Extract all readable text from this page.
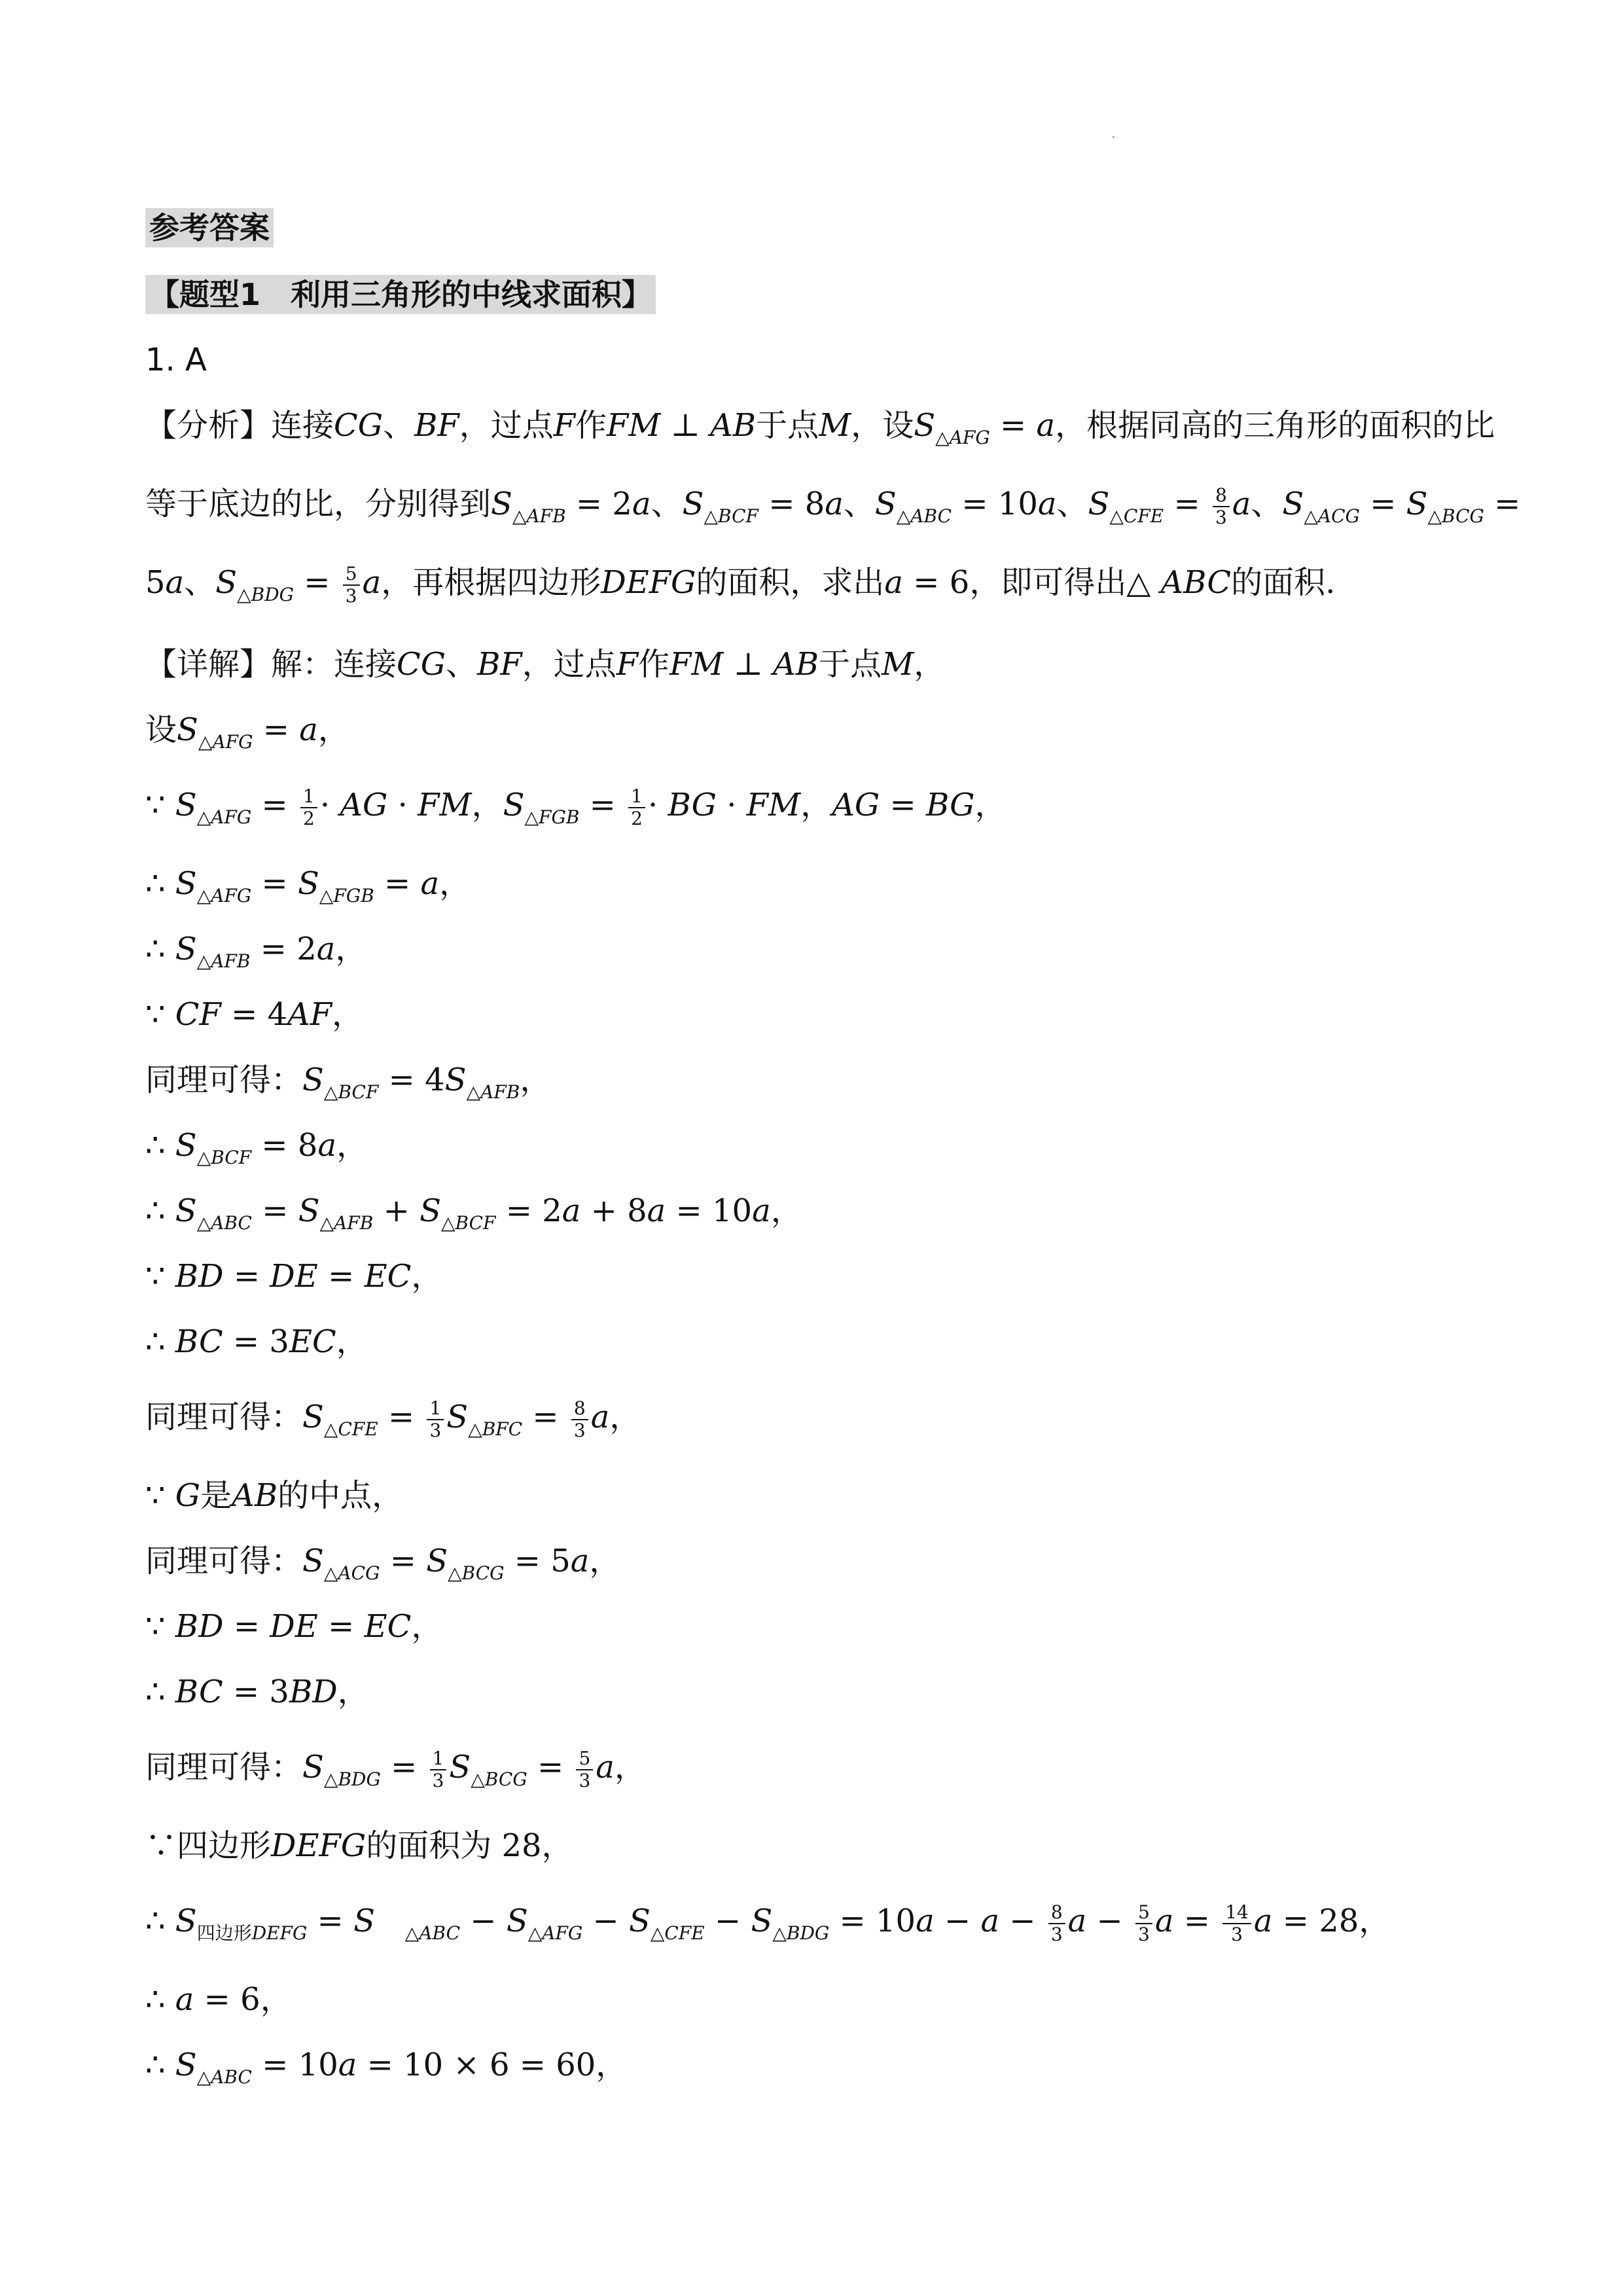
参考答案
【题型1　利用三角形的中线求面积】
1. A
【分析】连接CG、BF，过点F作FM ⊥ AB于点M，设$S_{\triangle AFG} = a$，根据同高的三角形的面积的比
等于底边的比，分别得到$S_{\triangle AFB} = 2a$、$S_{\triangle BCF} = 8a$、$S_{\triangle ABC} = 10a$、$S_{\triangle CFE} = \frac{8}{3}$ a、$S_{\triangle ACG} = S_{\triangle BCG}$ =
5a、$S_{\triangle BDG} = \frac{5}{3}$ a，再根据四边形DEFG的面积，求出a = 6，即可得出△ ABC的面积.
【详解】解：连接CG、BF，过点F作FM ⊥ AB于点M，
设$S_{\triangle AFG} = a$，
∵ $S_{\triangle AFG} = \frac{1}{2}$ · AG · FM，$S_{\triangle FGB} = \frac{1}{2}$ · BG · FM，AG = BG，
∴ $S_{\triangle AFG} = S_{\triangle FGB} = a$，
∴ $S_{\triangle AFB} = 2a$，
∵ CF = 4AF，
同理可得：$S_{\triangle BCF} = 4S_{\triangle AFB}$，
∴ $S_{\triangle BCF} = 8a$，
∴ $S_{\triangle ABC} = S_{\triangle AFB} + S_{\triangle BCF} = 2a + 8a = 10a$，
∵ BD = DE = EC，
∴ BC = 3EC，
同理可得：$S_{\triangle CFE} = \frac{1}{3} S_{\triangle BFC} = \frac{8}{3}$ a，
∵ G是AB的中点，
同理可得：$S_{\triangle ACG} = S_{\triangle BCG} = 5a$，
∵ BD = DE = EC，
∴ BC = 3BD，
同理可得：$S_{\triangle BDG} = \frac{1}{3} S_{\triangle BCG} = \frac{5}{3}$ a，
∵四边形DEFG的面积为 28，
∴ $S_{四边形DEFG} = S$ $_{\triangle ABC} - S_{\triangle AFG} - S_{\triangle CFE} - S_{\triangle BDG} = 10a - a - \frac{8}{3}$ $a - \frac{5}{3}$ $a = \frac{14}{3}$ a = 28，
∴ a = 6，
∴ $S_{\triangle ABC} = 10a = 10 \times 6 = 60$，
